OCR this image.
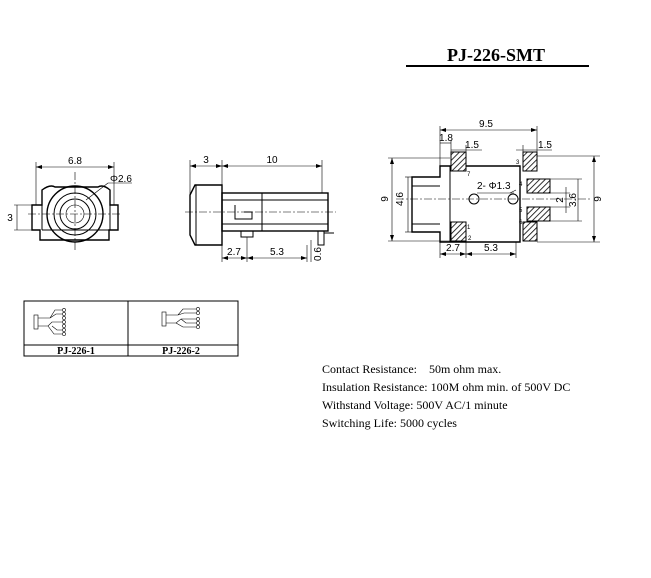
PJ-226-SMT
6.8
Φ2.6
3
3	10
2.7	5.3	0.6
7
1
2
3
4
5
6
9.5
1.8
1.5	1.5
2- Φ1.3
9 4.6	9
3.6
2
2.7 5.3
PJ-226-1	PJ-226-2
Contact Resistance:    50m ohm max.
Insulation Resistance: 100M ohm min. of 500V DC
Withstand Voltage: 500V AC/1 minute
Switching Life: 5000 cycles
